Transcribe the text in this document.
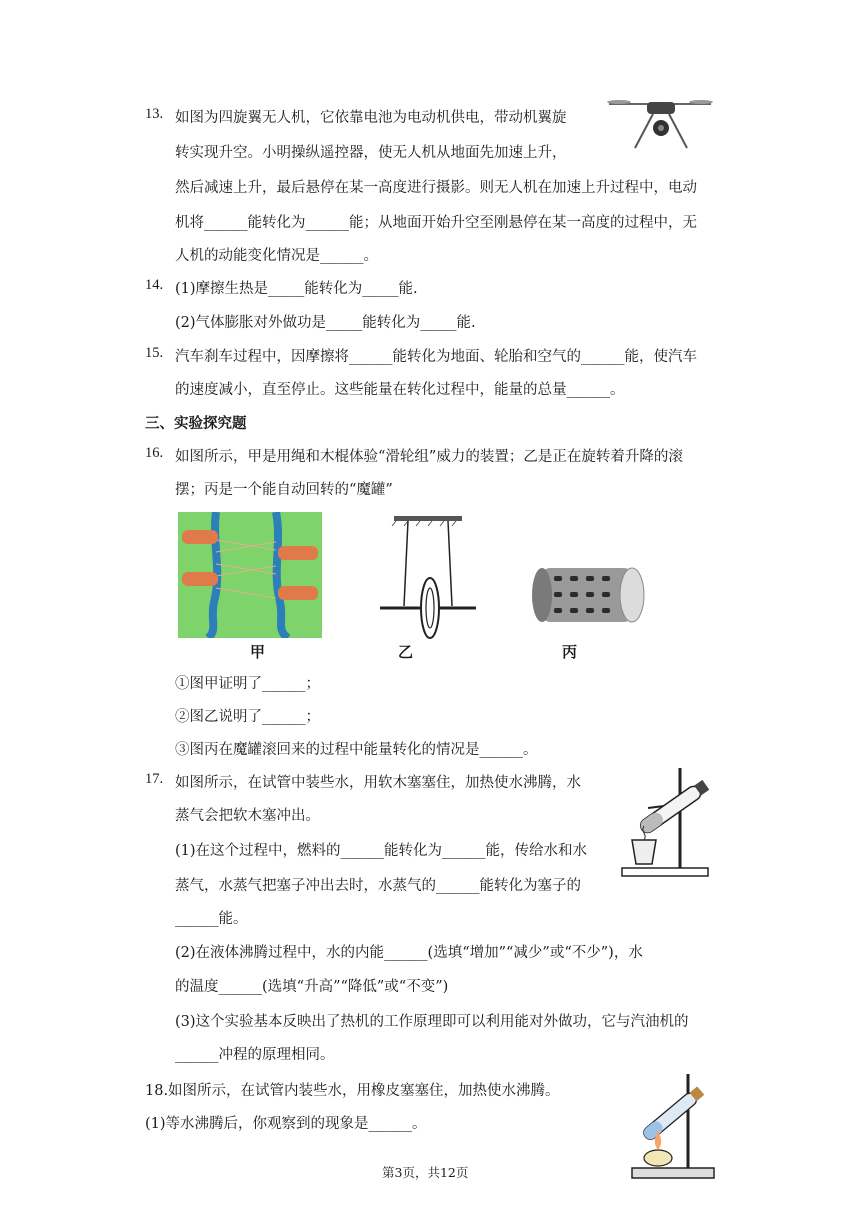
13. 如图为四旋翼无人机，它依靠电池为电动机供电，带动机翼旋
转实现升空。小明操纵遥控器，使无人机从地面先加速上升，
然后减速上升，最后悬停在某一高度进行摄影。则无人机在加速上升过程中，电动
机将______能转化为______能；从地面开始升空至刚悬停在某一高度的过程中，无
人机的动能变化情况是______。
14. (1)摩擦生热是_____能转化为_____能.
(2)气体膨胀对外做功是_____能转化为_____能.
15. 汽车刹车过程中，因摩擦将______能转化为地面、轮胎和空气的______能，使汽车
的速度减小，直至停止。这些能量在转化过程中，能量的总量______。
三、实验探究题
16. 如图所示，甲是用绳和木棍体验“滑轮组”威力的装置；乙是正在旋转着升降的滚
摆；丙是一个能自动回转的“魔罐”
甲	乙	丙
①图甲证明了______；
②图乙说明了______；
③图丙在魔罐滚回来的过程中能量转化的情况是______。
17. 如图所示，在试管中装些水，用软木塞塞住，加热使水沸腾，水
蒸气会把软木塞冲出。
(1)在这个过程中，燃料的______能转化为______能，传给水和水
蒸气，水蒸气把塞子冲出去时，水蒸气的______能转化为塞子的
______能。
(2)在液体沸腾过程中，水的内能______(选填“增加”“减少”或“不少”)，水
的温度______(选填“升高”“降低”或“不变”)
(3)这个实验基本反映出了热机的工作原理即可以利用能对外做功，它与汽油机的
______冲程的原理相同。
18.如图所示，在试管内装些水，用橡皮塞塞住，加热使水沸腾。
(1)等水沸腾后，你观察到的现象是______。
第3页，共12页
